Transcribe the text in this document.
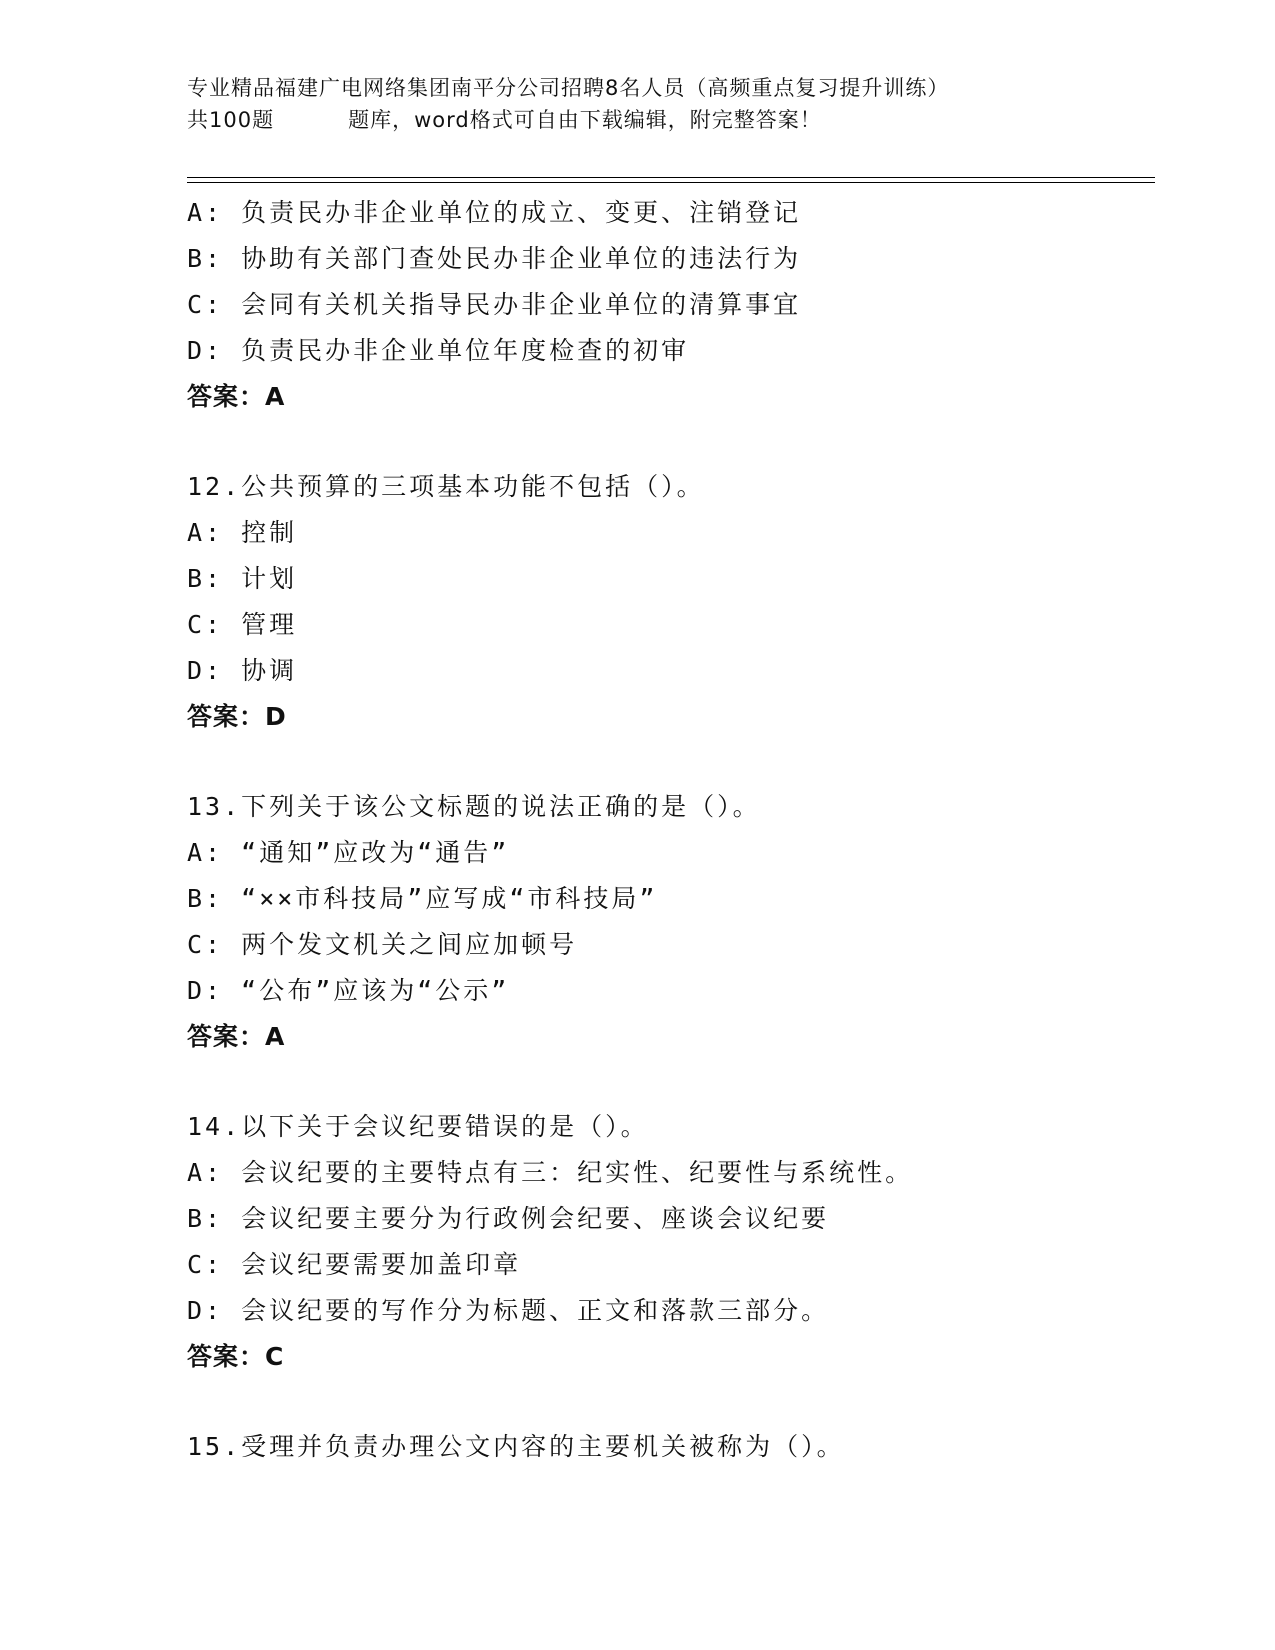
专业精品福建广电网络集团南平分公司招聘8名人员（高频重点复习提升训练）
共100题	题库，word格式可自由下载编辑，附完整答案！
A: 负责民办非企业单位的成立、变更、注销登记
B: 协助有关部门查处民办非企业单位的违法行为
C: 会同有关机关指导民办非企业单位的清算事宜
D: 负责民办非企业单位年度检查的初审
答案：A
12.公共预算的三项基本功能不包括（）。
A: 控制
B: 计划
C: 管理
D: 协调
答案：D
13.下列关于该公文标题的说法正确的是（）。
A: “通知”应改为“通告”
B: “××市科技局”应写成“市科技局”
C: 两个发文机关之间应加顿号
D: “公布”应该为“公示”
答案：A
14.以下关于会议纪要错误的是（）。
A: 会议纪要的主要特点有三：纪实性、纪要性与系统性。
B: 会议纪要主要分为行政例会纪要、座谈会议纪要
C: 会议纪要需要加盖印章
D: 会议纪要的写作分为标题、正文和落款三部分。
答案：C
15.受理并负责办理公文内容的主要机关被称为（）。
